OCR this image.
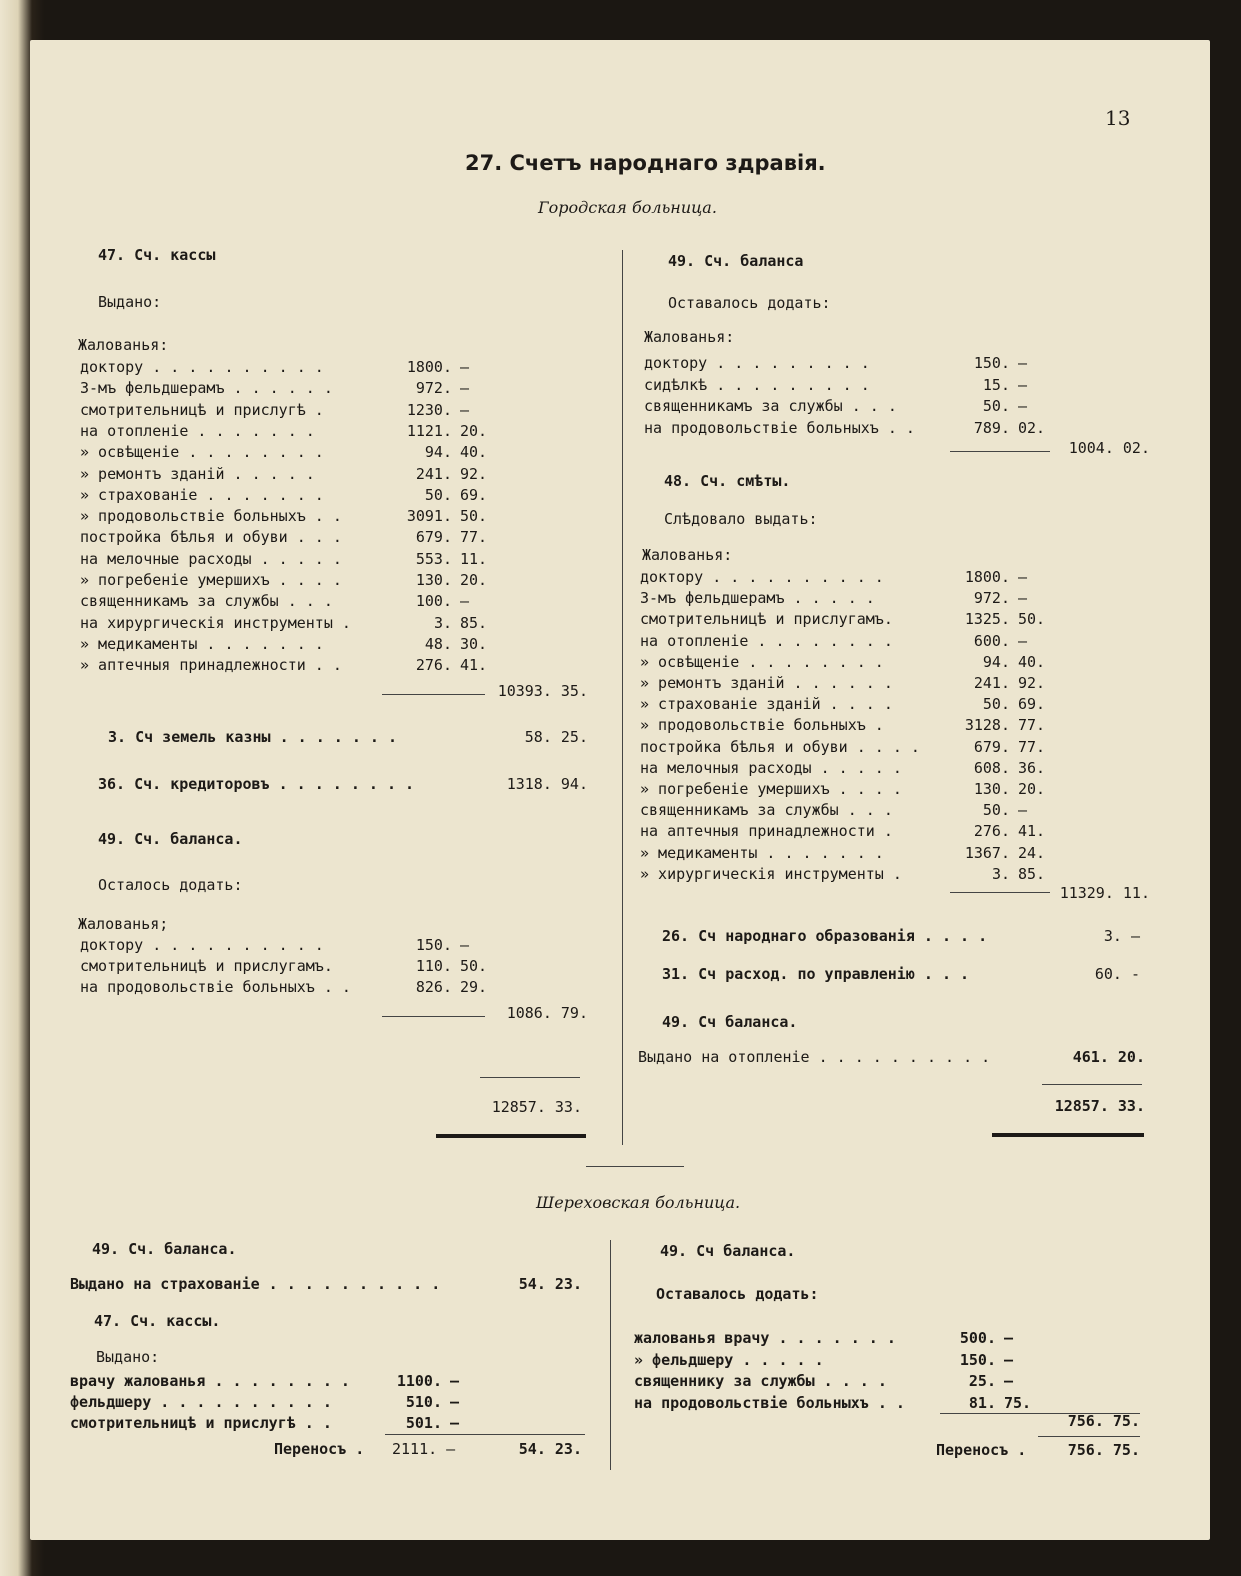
13
27. Счетъ народнаго здравія.
Городская больница.
47. Сч. кассы
Выдано:
Жалованья:
доктору . . . . . . . . . .	1800. —
3-мъ фельдшерамъ . . . . . .	972. —
смотрительницѣ и прислугѣ .	1230. —
на отопленіе . . . . . . .	1121. 20.
» освѣщеніе . . . . . . . .	94. 40.
» ремонтъ зданій . . . . .	241. 92.
» страхованіе . . . . . . .	50. 69.
» продовольствіе больныхъ . .	3091. 50.
постройка бѣлья и обуви . . .	679. 77.
на мелочные расходы . . . . .	553. 11.
» погребеніе умершихъ . . . .	130. 20.
священникамъ за службы . . .	100. —
на хирургическія инструменты .	3. 85.
» медикаменты . . . . . . .	48. 30.
» аптечныя принадлежности . .	276. 41.
10393. 35.
3. Сч земель казны . . . . . . .	58. 25.
36. Сч. кредиторовъ . . . . . . . .	1318. 94.
49. Сч. баланса.
Осталось додать:
Жалованья;
доктору . . . . . . . . . .	150. —
смотрительницѣ и прислугамъ.	110. 50.
на продовольствіе больныхъ . .	826. 29.
1086. 79.
12857. 33.
49. Сч. баланса
Оставалось додать:
Жалованья:
доктору . . . . . . . . .	150. —
сидѣлкѣ . . . . . . . . .	15. —
священникамъ за службы . . .	50. —
на продовольствіе больныхъ . .	789. 02.
1004. 02.
48. Сч. смѣты.
Слѣдовало выдать:
Жалованья:
доктору . . . . . . . . . .	1800. —
3-мъ фельдшерамъ . . . . .	972. —
смотрительницѣ и прислугамъ.	1325. 50.
на отопленіе . . . . . . . .	600. —
» освѣщеніе . . . . . . . .	94. 40.
» ремонтъ зданій . . . . . .	241. 92.
» страхованіе зданій . . . .	50. 69.
» продовольствіе больныхъ .	3128. 77.
постройка бѣлья и обуви . . . .	679. 77.
на мелочныя расходы . . . . .	608. 36.
» погребеніе умершихъ . . . .	130. 20.
священникамъ за службы . . .	50. —
на аптечныя принадлежности .	276. 41.
» медикаменты . . . . . . .	1367. 24.
» хирургическія инструменты .	3. 85.
11329. 11.
26. Сч народнаго образованія . . . .	3. —
31. Сч расход. по управленію . . .	60. -
49. Сч баланса.
Выдано на отопленіе . . . . . . . . . .	461. 20.
12857. 33.
Шереховская больница.
49. Сч. баланса.
Выдано на страхованіе . . . . . . . . . .	54. 23.
47. Сч. кассы.
Выдано:
врачу жалованья . . . . . . . .	1100. —
фельдшеру . . . . . . . . . .	510. —
смотрительницѣ и прислугѣ . .	501. —
Переносъ . 2111. —	54. 23.
49. Сч баланса.
Оставалось додать:
жалованья врачу . . . . . . .	500. —
» фельдшеру . . . . .	150. —
священнику за службы . . . .	25. —
на продовольствіе больныхъ . .	81. 75.
756. 75.
Переносъ .	756. 75.
